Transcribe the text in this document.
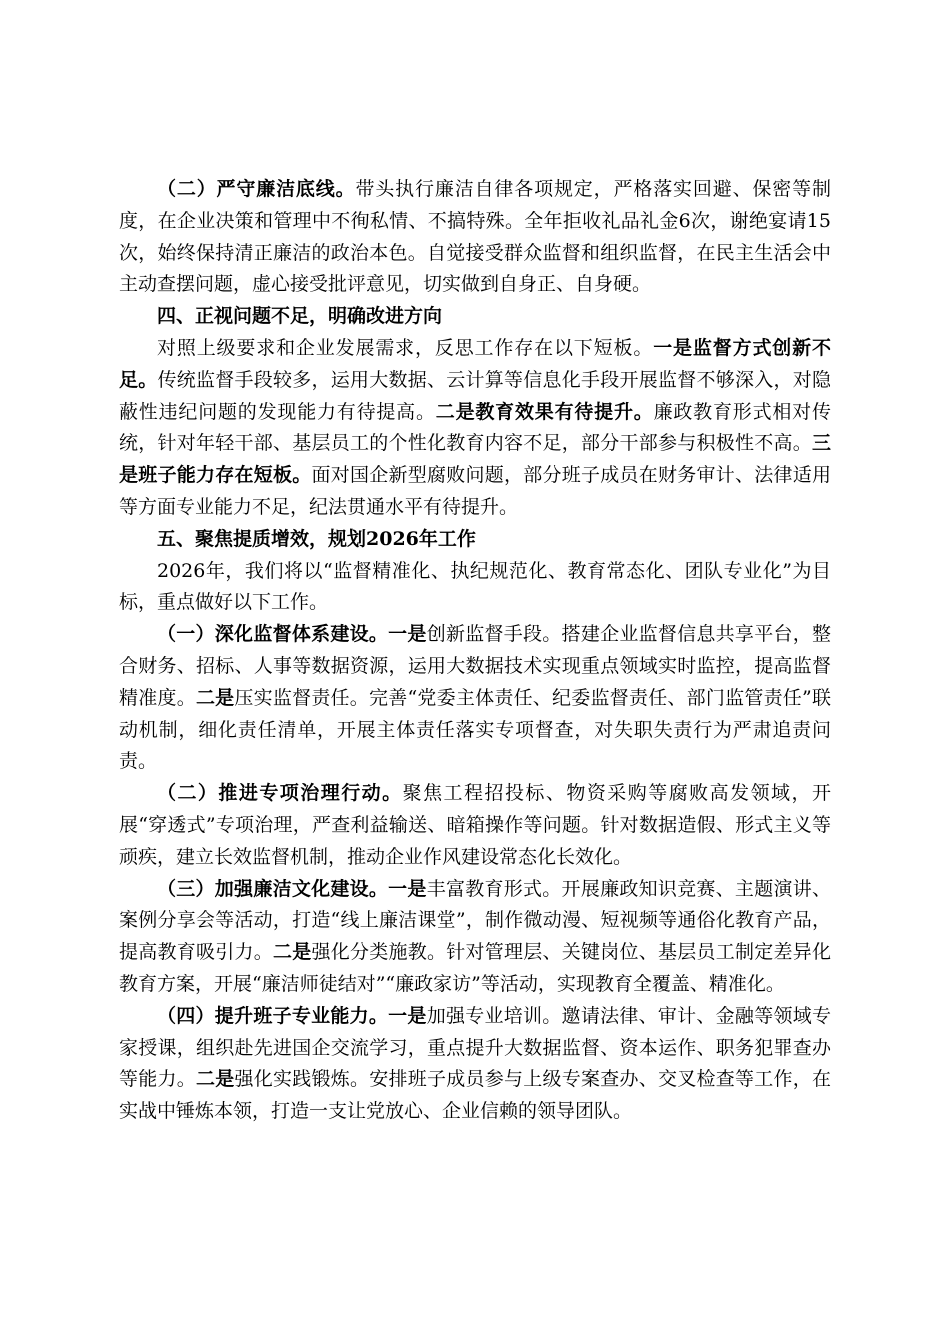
（二）严守廉洁底线。带头执行廉洁自律各项规定，严格落实回避、保密等制度，在企业决策和管理中不徇私情、不搞特殊。全年拒收礼品礼金6次，谢绝宴请15次，始终保持清正廉洁的政治本色。自觉接受群众监督和组织监督，在民主生活会中主动查摆问题，虚心接受批评意见，切实做到自身正、自身硬。

四、正视问题不足，明确改进方向

对照上级要求和企业发展需求，反思工作存在以下短板。一是监督方式创新不足。传统监督手段较多，运用大数据、云计算等信息化手段开展监督不够深入，对隐蔽性违纪问题的发现能力有待提高。二是教育效果有待提升。廉政教育形式相对传统，针对年轻干部、基层员工的个性化教育内容不足，部分干部参与积极性不高。三是班子能力存在短板。面对国企新型腐败问题，部分班子成员在财务审计、法律适用等方面专业能力不足，纪法贯通水平有待提升。

五、聚焦提质增效，规划2026年工作

2026年，我们将以“监督精准化、执纪规范化、教育常态化、团队专业化”为目标，重点做好以下工作。

（一）深化监督体系建设。一是创新监督手段。搭建企业监督信息共享平台，整合财务、招标、人事等数据资源，运用大数据技术实现重点领域实时监控，提高监督精准度。二是压实监督责任。完善“党委主体责任、纪委监督责任、部门监管责任”联动机制，细化责任清单，开展主体责任落实专项督查，对失职失责行为严肃追责问责。

（二）推进专项治理行动。聚焦工程招投标、物资采购等腐败高发领域，开展“穿透式”专项治理，严查利益输送、暗箱操作等问题。针对数据造假、形式主义等顽疾，建立长效监督机制，推动企业作风建设常态化长效化。

（三）加强廉洁文化建设。一是丰富教育形式。开展廉政知识竞赛、主题演讲、案例分享会等活动，打造“线上廉洁课堂”，制作微动漫、短视频等通俗化教育产品，提高教育吸引力。二是强化分类施教。针对管理层、关键岗位、基层员工制定差异化教育方案，开展“廉洁师徒结对”“廉政家访”等活动，实现教育全覆盖、精准化。

（四）提升班子专业能力。一是加强专业培训。邀请法律、审计、金融等领域专家授课，组织赴先进国企交流学习，重点提升大数据监督、资本运作、职务犯罪查办等能力。二是强化实践锻炼。安排班子成员参与上级专案查办、交叉检查等工作，在实战中锤炼本领，打造一支让党放心、企业信赖的领导团队。
